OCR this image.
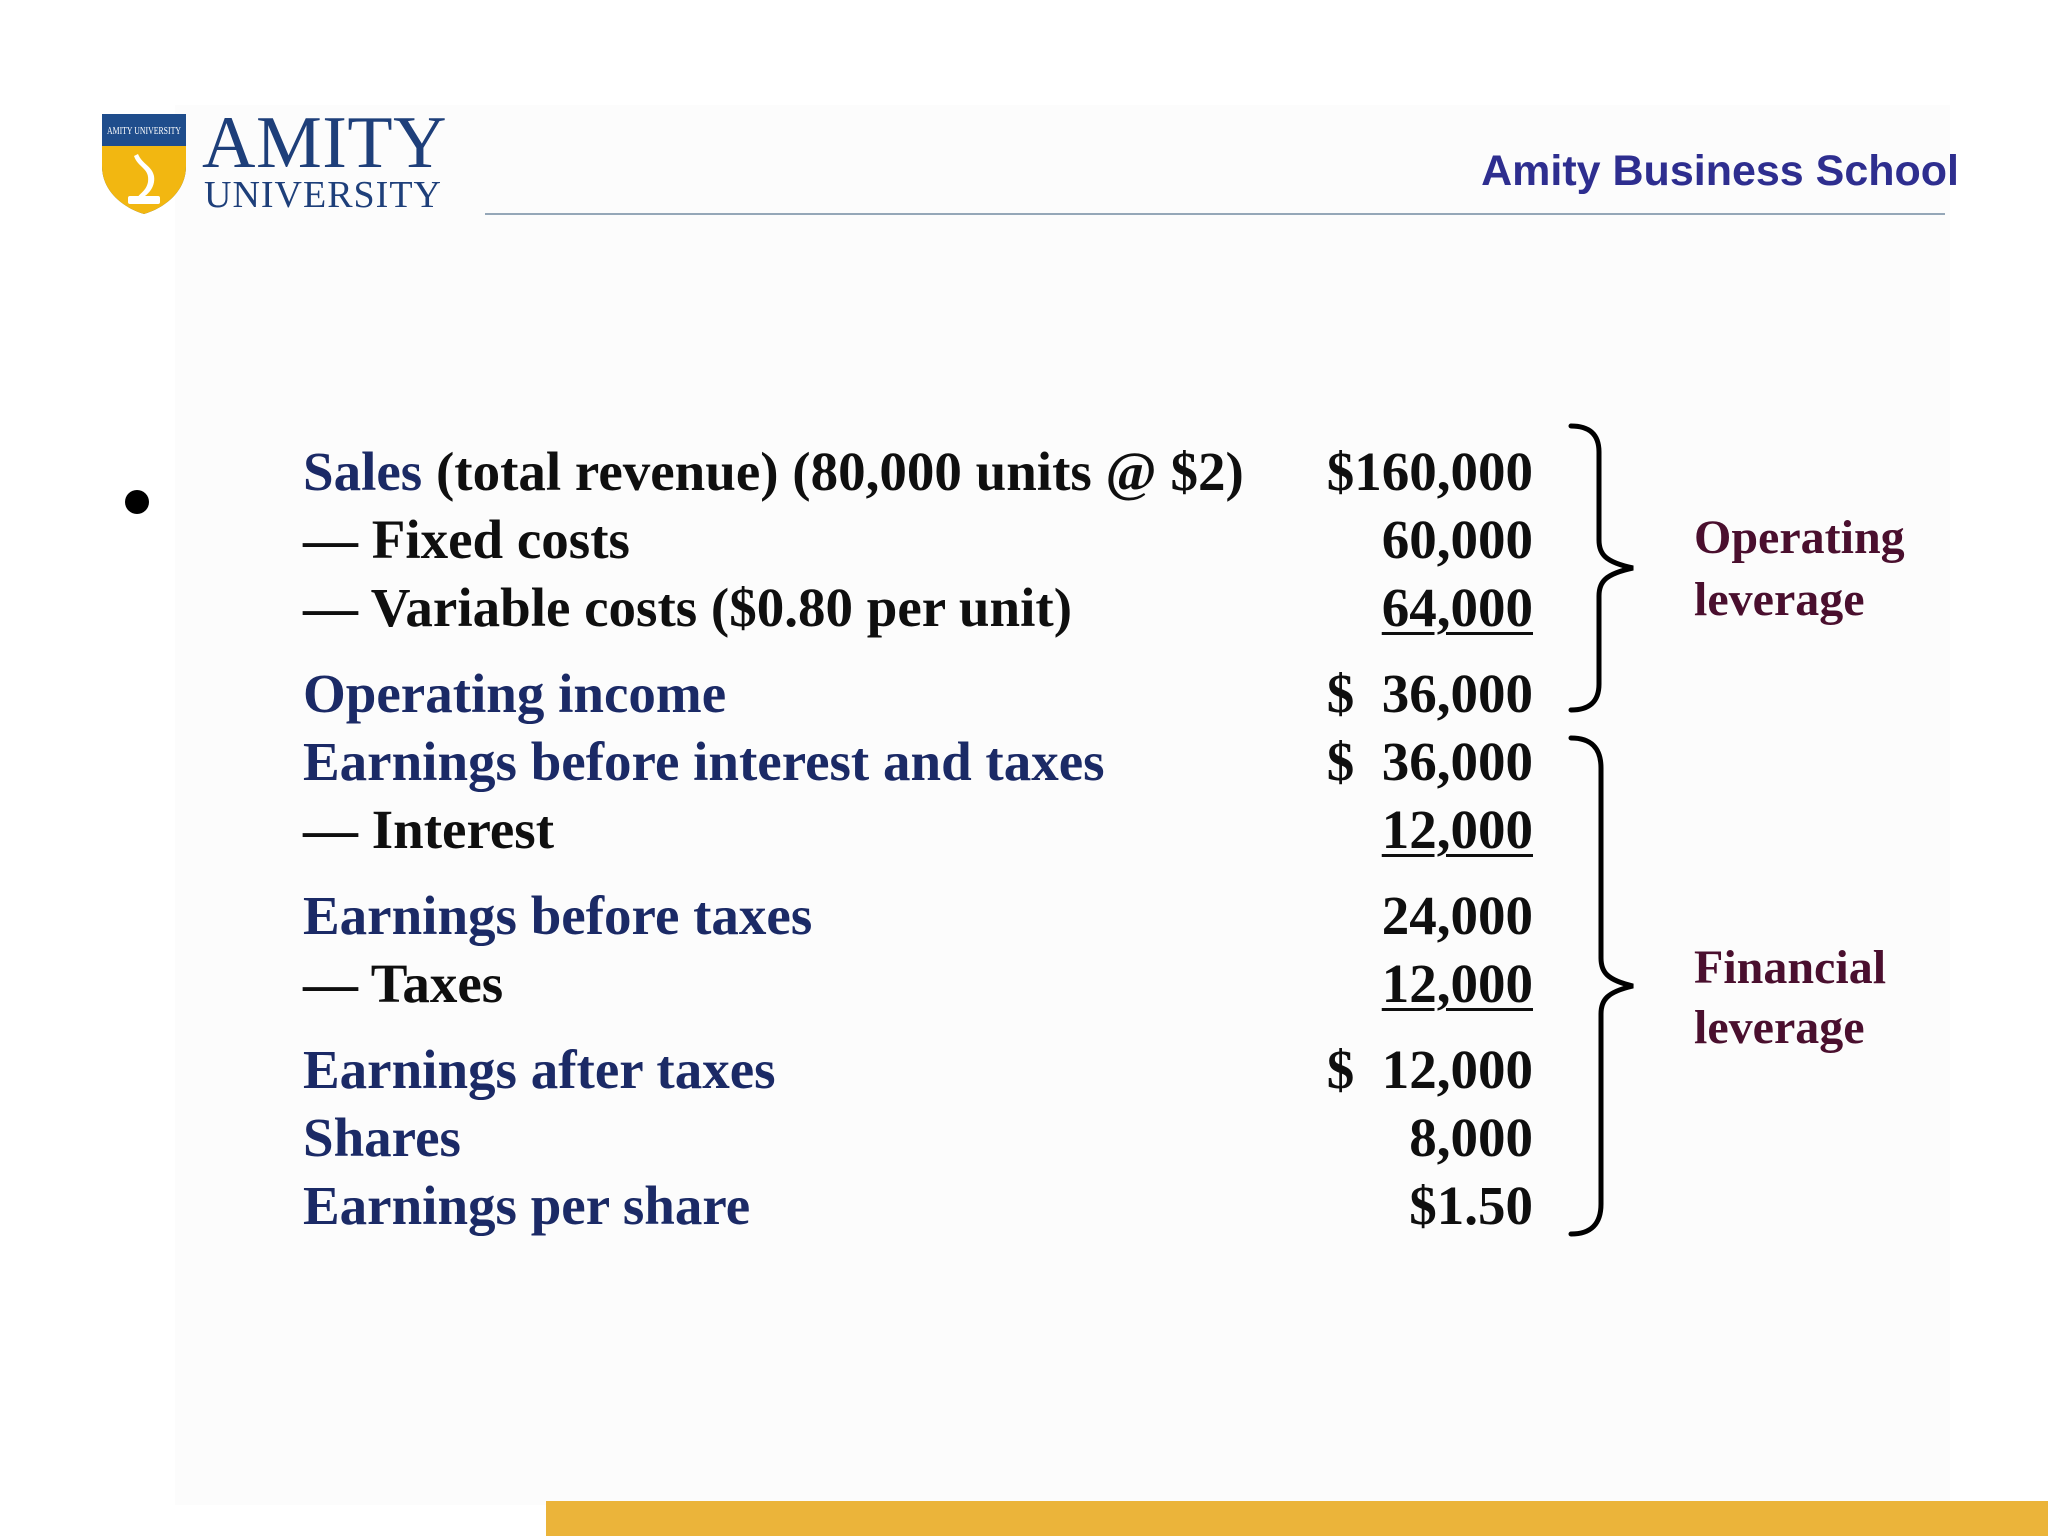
AMITY UNIVERSITY AMITY
UNIVERSITY	Amity Business School
Sales (total revenue) (80,000 units @ $2) $160,000
— Fixed costs	60,000
— Variable costs ($0.80 per unit)	64,000
Operating income	$  36,000
Earnings before interest and taxes	$  36,000
— Interest	12,000
Earnings before taxes	24,000
— Taxes	12,000
Earnings after taxes	$  12,000
Shares	8,000
Earnings per share	$1.50
Operating
leverage
Financial
leverage
